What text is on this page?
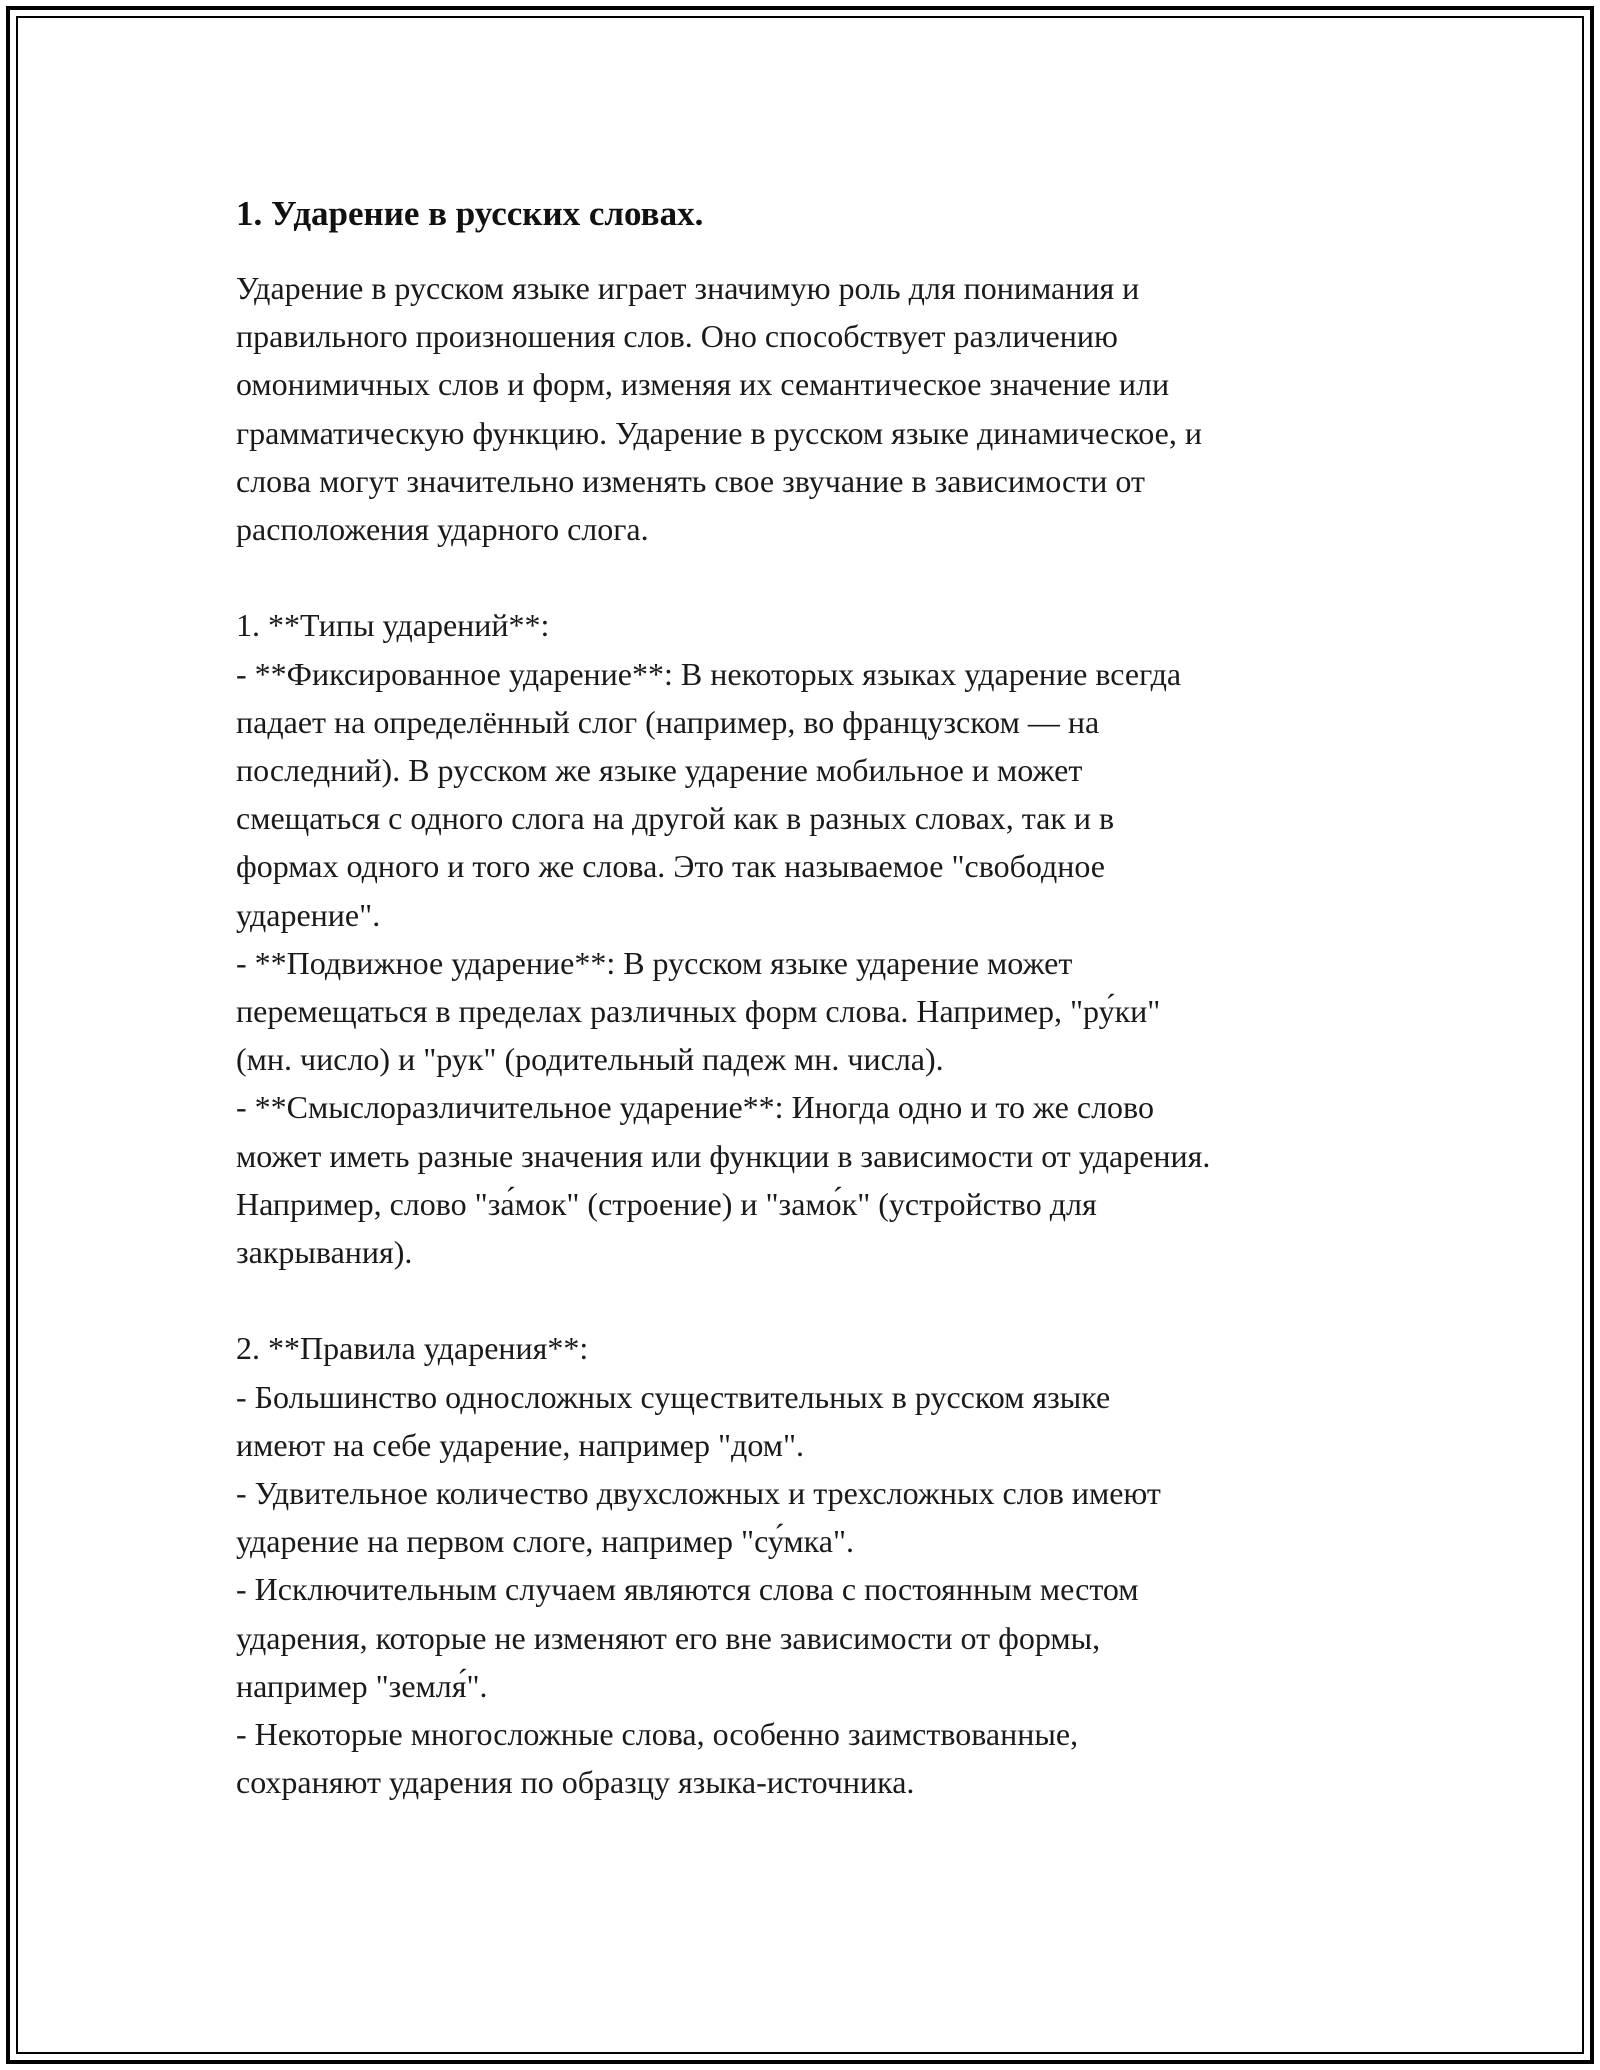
1. Ударение в русских словах.

Ударение в русском языке играет значимую роль для понимания и
правильного произношения слов. Оно способствует различению
омонимичных слов и форм, изменяя их семантическое значение или
грамматическую функцию. Ударение в русском языке динамическое, и
слова могут значительно изменять свое звучание в зависимости от
расположения ударного слога.

1. **Типы ударений**:
- **Фиксированное ударение**: В некоторых языках ударение всегда
падает на определённый слог (например, во французском — на
последний). В русском же языке ударение мобильное и может
смещаться с одного слога на другой как в разных словах, так и в
формах одного и того же слова. Это так называемое "свободное
ударение".
- **Подвижное ударение**: В русском языке ударение может
перемещаться в пределах различных форм слова. Например, "ру́ки"
(мн. число) и "рук" (родительный падеж мн. числа).
- **Смыслоразличительное ударение**: Иногда одно и то же слово
может иметь разные значения или функции в зависимости от ударения.
Например, слово "за́мок" (строение) и "замо́к" (устройство для
закрывания).

2. **Правила ударения**:
- Большинство односложных существительных в русском языке
имеют на себе ударение, например "дом".
- Удвительное количество двухсложных и трехсложных слов имеют
ударение на первом слоге, например "су́мка".
- Исключительным случаем являются слова с постоянным местом
ударения, которые не изменяют его вне зависимости от формы,
например "земля́".
- Некоторые многосложные слова, особенно заимствованные,
сохраняют ударения по образцу языка-источника.
